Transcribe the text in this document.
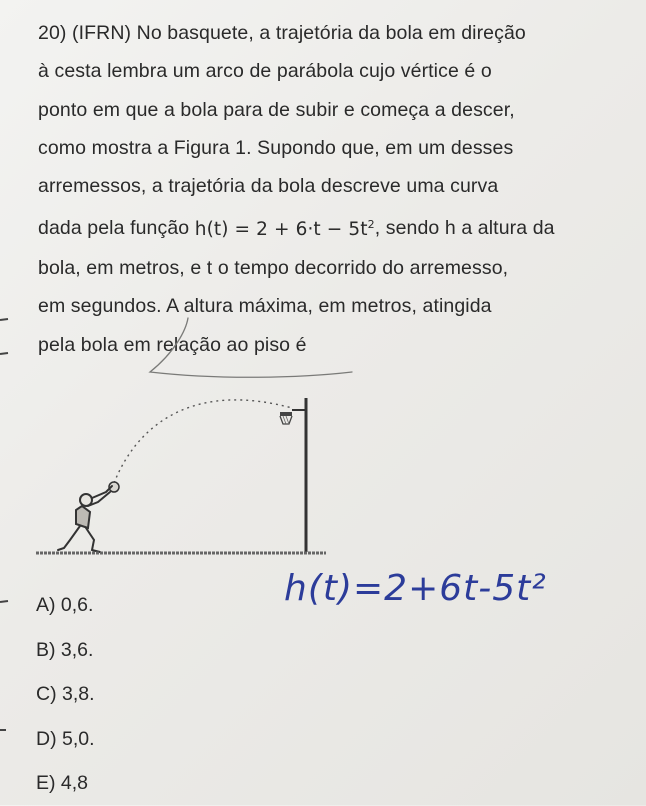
20) (IFRN) No basquete, a trajetória da bola em direção

à cesta lembra um arco de parábola cujo vértice é o

ponto em que a bola para de subir e começa a descer,

como mostra a Figura 1. Supondo que, em um desses

arremessos, a trajetória da bola descreve uma curva

dada pela função $h(t) = 2 + 6\cdot t - 5t^2$, sendo h a altura da

bola, em metros, e t o tempo decorrido do arremesso,

em segundos. A altura máxima, em metros, atingida

pela bola em relação ao piso é

h(t)=2+6t-5t²
A) 0,6.
B) 3,6.
C) 3,8.
D) 5,0.
E) 4,8
